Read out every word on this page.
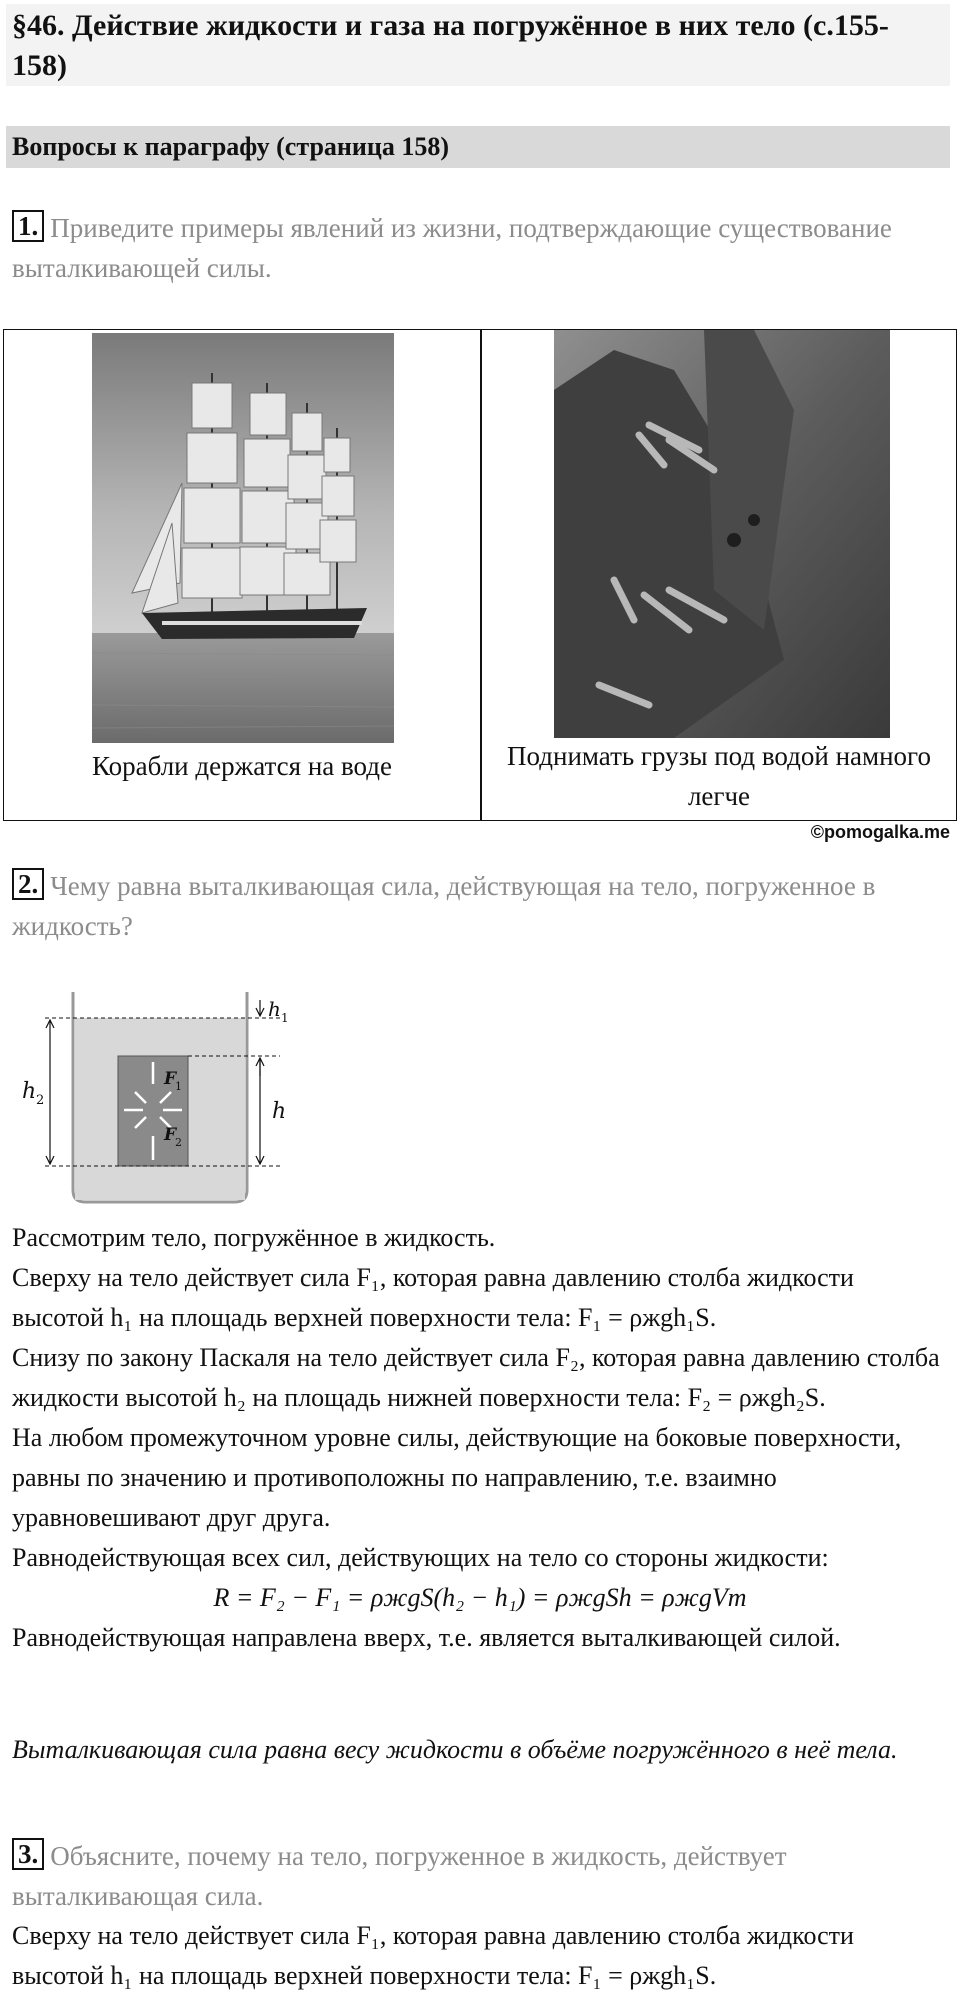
§46. Действие жидкости и газа на погружённое в них тело (с.155-158)
Вопросы к параграфу (страница 158)
1. Приведите примеры явлений из жизни, подтверждающие существование выталкивающей силы.
Корабли держатся на воде	Поднимать грузы под водой намного легче
©pomogalka.me
2. Чему равна выталкивающая сила, действующая на тело, погруженное в жидкость?
h 2
h 1
h
F
1
F
2

Рассмотрим тело, погружённое в жидкость.

Сверху на тело действует сила F₁, которая равна давлению столба жидкости высотой h₁ на площадь верхней поверхности тела: F₁ = ρжgh₁S.

Снизу по закону Паскаля на тело действует сила F₂, которая равна давлению столба жидкости высотой h₂ на площадь нижней поверхности тела: F₂ = ρжgh₂S.

На любом промежуточном уровне силы, действующие на боковые поверхности, равны по значению и противоположны по направлению, т.е. взаимно уравновешивают друг друга.

Равнодействующая всех сил, действующих на тело со стороны жидкости:

R = F₂ − F₁ = ρжgS(h₂ − h₁) = ρжgSh = ρжgVт

Равнодействующая направлена вверх, т.е. является выталкивающей силой.

Выталкивающая сила равна весу жидкости в объёме погружённого в неё тела.
3. Объясните, почему на тело, погруженное в жидкость, действует выталкивающая сила.

Сверху на тело действует сила F₁, которая равна давлению столба жидкости высотой h₁ на площадь верхней поверхности тела: F₁ = ρжgh₁S.
